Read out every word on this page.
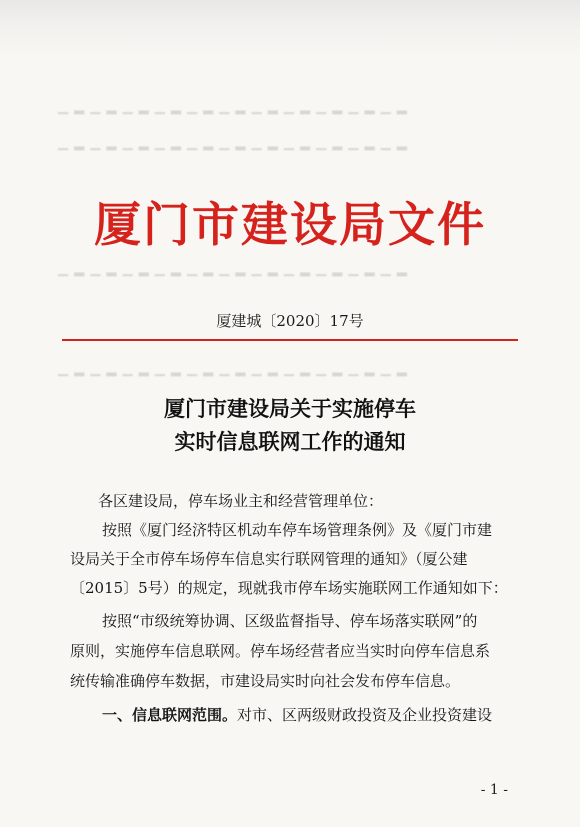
▁ ▂ ▁ ▂ ▁ ▂ ▁ ▂ ▁ ▂ ▁ ▂ ▁ ▂ ▁ ▂ ▁ ▂ ▁ ▂ ▁ ▂
▁ ▂ ▁ ▂ ▁ ▂ ▁ ▂ ▁ ▂ ▁ ▂ ▁ ▂ ▁ ▂ ▁ ▂ ▁ ▂ ▁ ▂
▁ ▂ ▁ ▂ ▁ ▂ ▁ ▂ ▁ ▂ ▁ ▂ ▁ ▂ ▁ ▂ ▁ ▂ ▁ ▂ ▁ ▂
▁ ▂ ▁ ▂ ▁ ▂ ▁ ▂ ▁ ▂ ▁ ▂ ▁ ▂ ▁ ▂ ▁ ▂ ▁ ▂ ▁ ▂
厦门市建设局文件
厦建城〔2020〕17号
厦门市建设局关于实施停车
实时信息联网工作的通知
各区建设局，停车场业主和经营管理单位：
按照《厦门经济特区机动车停车场管理条例》及《厦门市建
设局关于全市停车场停车信息实行联网管理的通知》（厦公建
〔2015〕5号）的规定，现就我市停车场实施联网工作通知如下：
按照“市级统筹协调、区级监督指导、停车场落实联网”的
原则，实施停车信息联网。停车场经营者应当实时向停车信息系
统传输准确停车数据，市建设局实时向社会发布停车信息。
一、信息联网范围。对市、区两级财政投资及企业投资建设
- 1 -
